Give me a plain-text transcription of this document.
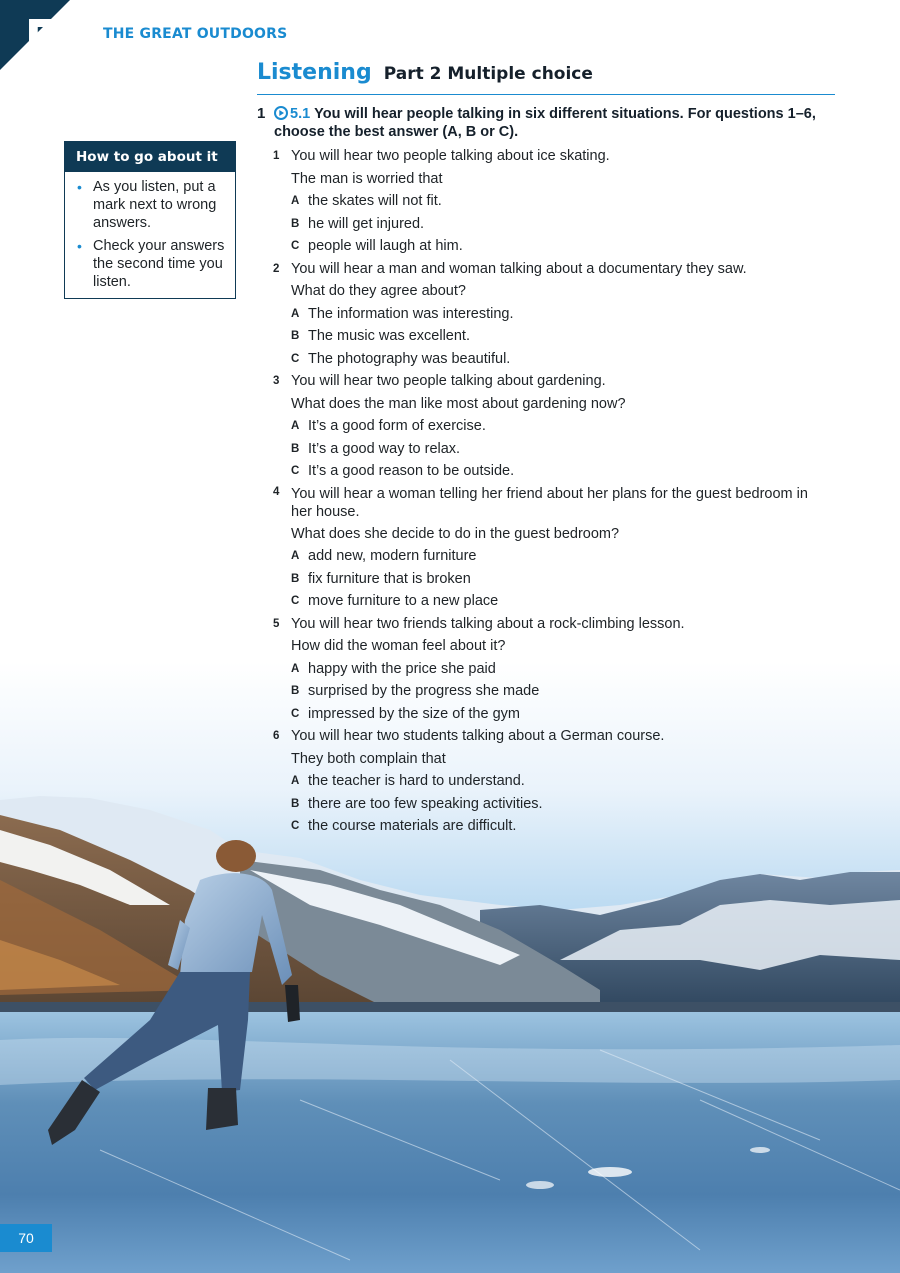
5	THE GREAT OUTDOORS
Listening Part 2 Multiple choice
1	5.1 You will hear people talking in six different situations. For questions 1–6, choose the best answer (A, B or C).
How to go about it
• As you listen, put a mark next to wrong answers.
• Check your answers the second time you listen.
1 You will hear two people talking about ice skating.
The man is worried that
A the skates will not fit.
B he will get injured.
C people will laugh at him.
2 You will hear a man and woman talking about a documentary they saw.
What do they agree about?
A The information was interesting.
B The music was excellent.
C The photography was beautiful.
3 You will hear two people talking about gardening.
What does the man like most about gardening now?
A It’s a good form of exercise.
B It’s a good way to relax.
C It’s a good reason to be outside.
4 You will hear a woman telling her friend about her plans for the guest bedroom in her house.
What does she decide to do in the guest bedroom?
A add new, modern furniture
B fix furniture that is broken
C move furniture to a new place
5 You will hear two friends talking about a rock-climbing lesson.
How did the woman feel about it?
A happy with the price she paid
B surprised by the progress she made
C impressed by the size of the gym
6 You will hear two students talking about a German course.
They both complain that
A the teacher is hard to understand.
B there are too few speaking activities.
C the course materials are difficult.
70
